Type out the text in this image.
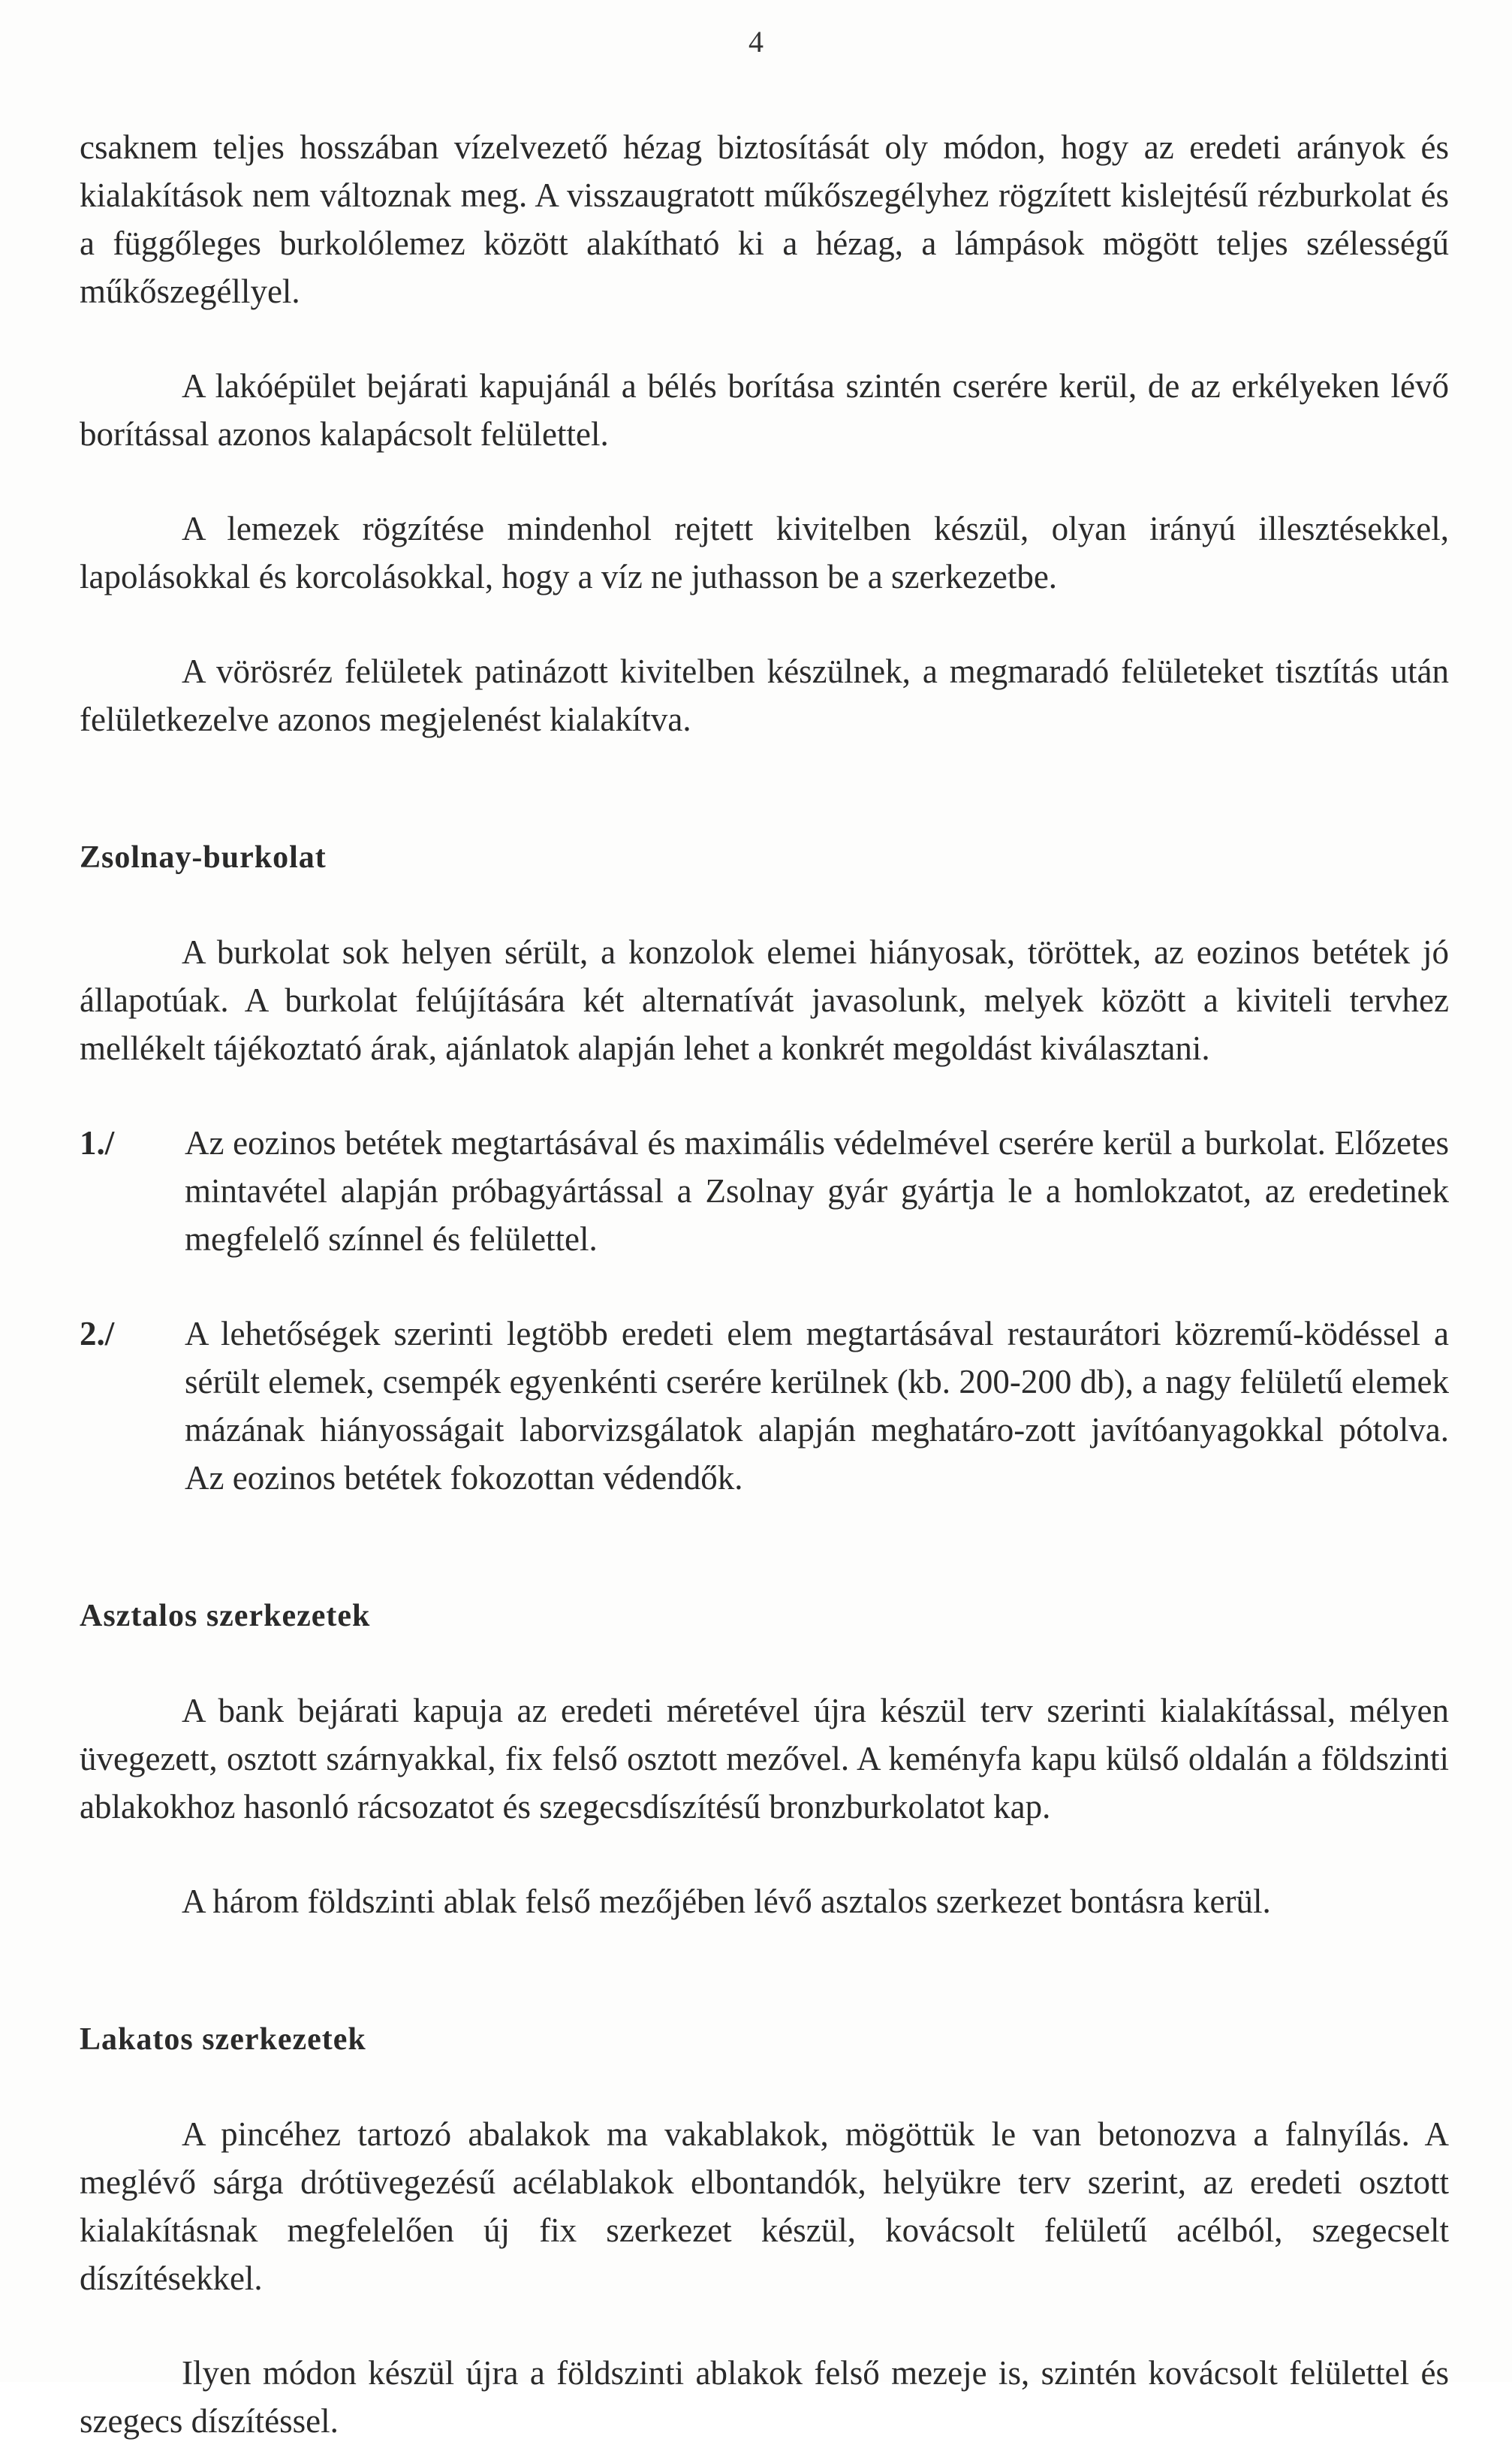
4

csaknem teljes hosszában vízelvezető hézag biztosítását oly módon, hogy az eredeti arányok és kialakítások nem változnak meg. A visszaugratott műkőszegélyhez rögzített kislejtésű rézburkolat és a függőleges burkolólemez között alakítható ki a hézag, a lámpások mögött teljes szélességű műkőszegéllyel.

A lakóépület bejárati kapujánál a bélés borítása szintén cserére kerül, de az erkélyeken lévő borítással azonos kalapácsolt felülettel.

A lemezek rögzítése mindenhol rejtett kivitelben készül, olyan irányú illesztésekkel, lapolásokkal és korcolásokkal, hogy a víz ne juthasson be a szerkezetbe.

A vörösréz felületek patinázott kivitelben készülnek, a megmaradó felületeket tisztítás után felületkezelve azonos megjelenést kialakítva.

Zsolnay-burkolat

A burkolat sok helyen sérült, a konzolok elemei hiányosak, töröttek, az eozinos betétek jó állapotúak. A burkolat felújítására két alternatívát javasolunk, melyek között a kiviteli tervhez mellékelt tájékoztató árak, ajánlatok alapján lehet a konkrét megoldást kiválasztani.

1./	Az eozinos betétek megtartásával és maximális védelmével cserére kerül a burkolat. Előzetes mintavétel alapján próbagyártással a Zsolnay gyár gyártja le a homlokzatot, az eredetinek megfelelő színnel és felülettel.
2./	A lehetőségek szerinti legtöbb eredeti elem megtartásával restaurátori közremű-ködéssel a sérült elemek, csempék egyenkénti cserére kerülnek (kb. 200-200 db), a nagy felületű elemek mázának hiányosságait laborvizsgálatok alapján meghatáro-zott javítóanyagokkal pótolva. Az eozinos betétek fokozottan védendők.
Asztalos szerkezetek

A bank bejárati kapuja az eredeti méretével újra készül terv szerinti kialakítással, mélyen üvegezett, osztott szárnyakkal, fix felső osztott mezővel. A keményfa kapu külső oldalán a földszinti ablakokhoz hasonló rácsozatot és szegecsdíszítésű bronzburkolatot kap.

A három földszinti ablak felső mezőjében lévő asztalos szerkezet bontásra kerül.

Lakatos szerkezetek

A pincéhez tartozó abalakok ma vakablakok, mögöttük le van betonozva a falnyílás. A meglévő sárga drótüvegezésű acélablakok elbontandók, helyükre terv szerint, az eredeti osztott kialakításnak megfelelően új fix szerkezet készül, kovácsolt felületű acélból, szegecselt díszítésekkel.

Ilyen módon készül újra a földszinti ablakok felső mezeje is, szintén kovácsolt felülettel és szegecs díszítéssel.
